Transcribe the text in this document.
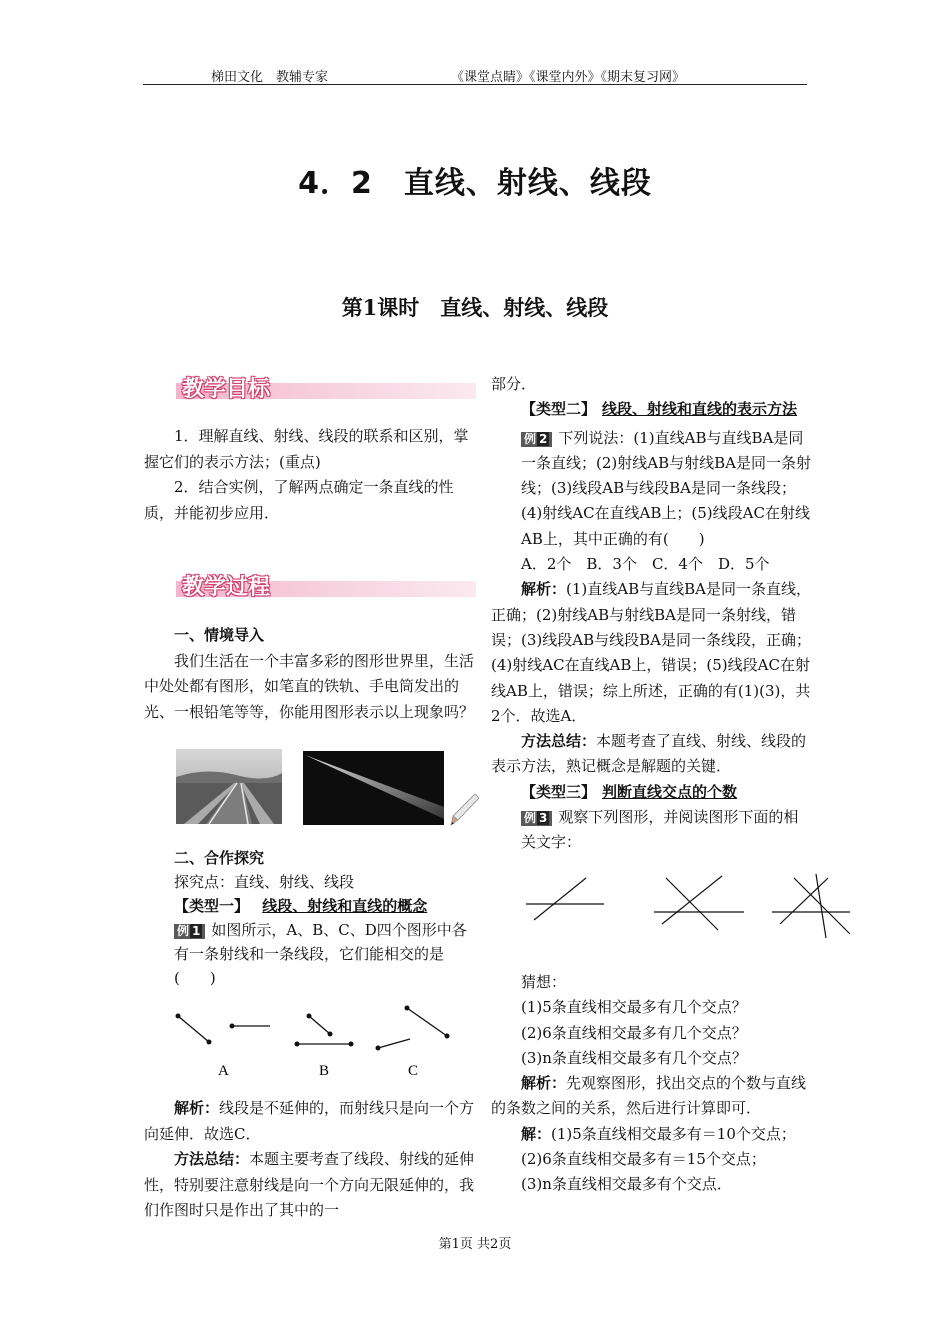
梯田文化　教辅专家	《课堂点睛》《课堂内外》《期末复习网》
4．2　直线、射线、线段
第1课时　直线、射线、线段
教学目标

1．理解直线、射线、线段的联系和区别，掌握它们的表示方法；(重点)

2．结合实例，了解两点确定一条直线的性质，并能初步应用．

教学过程

一、情境导入

我们生活在一个丰富多彩的图形世界里，生活中处处都有图形，如笔直的铁轨、手电筒发出的光、一根铅笔等等，你能用图形表示以上现象吗？

二、合作探究

探究点：直线、射线、线段

【类型一】 线段、射线和直线的概念

例 1 如图所示，A、B、C、D四个图形中各有一条射线和一条线段，它们能相交的是(　　)

A	B	C

解析：线段是不延伸的，而射线只是向一个方向延伸．故选C．

方法总结：本题主要考查了线段、射线的延伸性，特别要注意射线是向一个方向无限延伸的，我们作图时只是作出了其中的一

部分．

【类型二】 线段、射线和直线的表示方法

例 2 下列说法：(1)直线AB与直线BA是同一条直线；(2)射线AB与射线BA是同一条射线；(3)线段AB与线段BA是同一条线段；(4)射线AC在直线AB上；(5)线段AC在射线AB上，其中正确的有(　　)

A．2个　B．3个　C．4个　D．5个

解析：(1)直线AB与直线BA是同一条直线，正确；(2)射线AB与射线BA是同一条射线，错误；(3)线段AB与线段BA是同一条线段，正确；(4)射线AC在直线AB上，错误；(5)线段AC在射线AB上，错误；综上所述，正确的有(1)(3)，共2个．故选A．

方法总结：本题考查了直线、射线、线段的表示方法，熟记概念是解题的关键．

【类型三】 判断直线交点的个数

例 3 观察下列图形，并阅读图形下面的相关文字：

猜想：

(1)5条直线相交最多有几个交点？

(2)6条直线相交最多有几个交点？

(3)n条直线相交最多有几个交点？

解析：先观察图形，找出交点的个数与直线的条数之间的关系，然后进行计算即可．

解：(1)5条直线相交最多有＝10个交点；

(2)6条直线相交最多有＝15个交点；

(3)n条直线相交最多有个交点．

第1页 共2页
